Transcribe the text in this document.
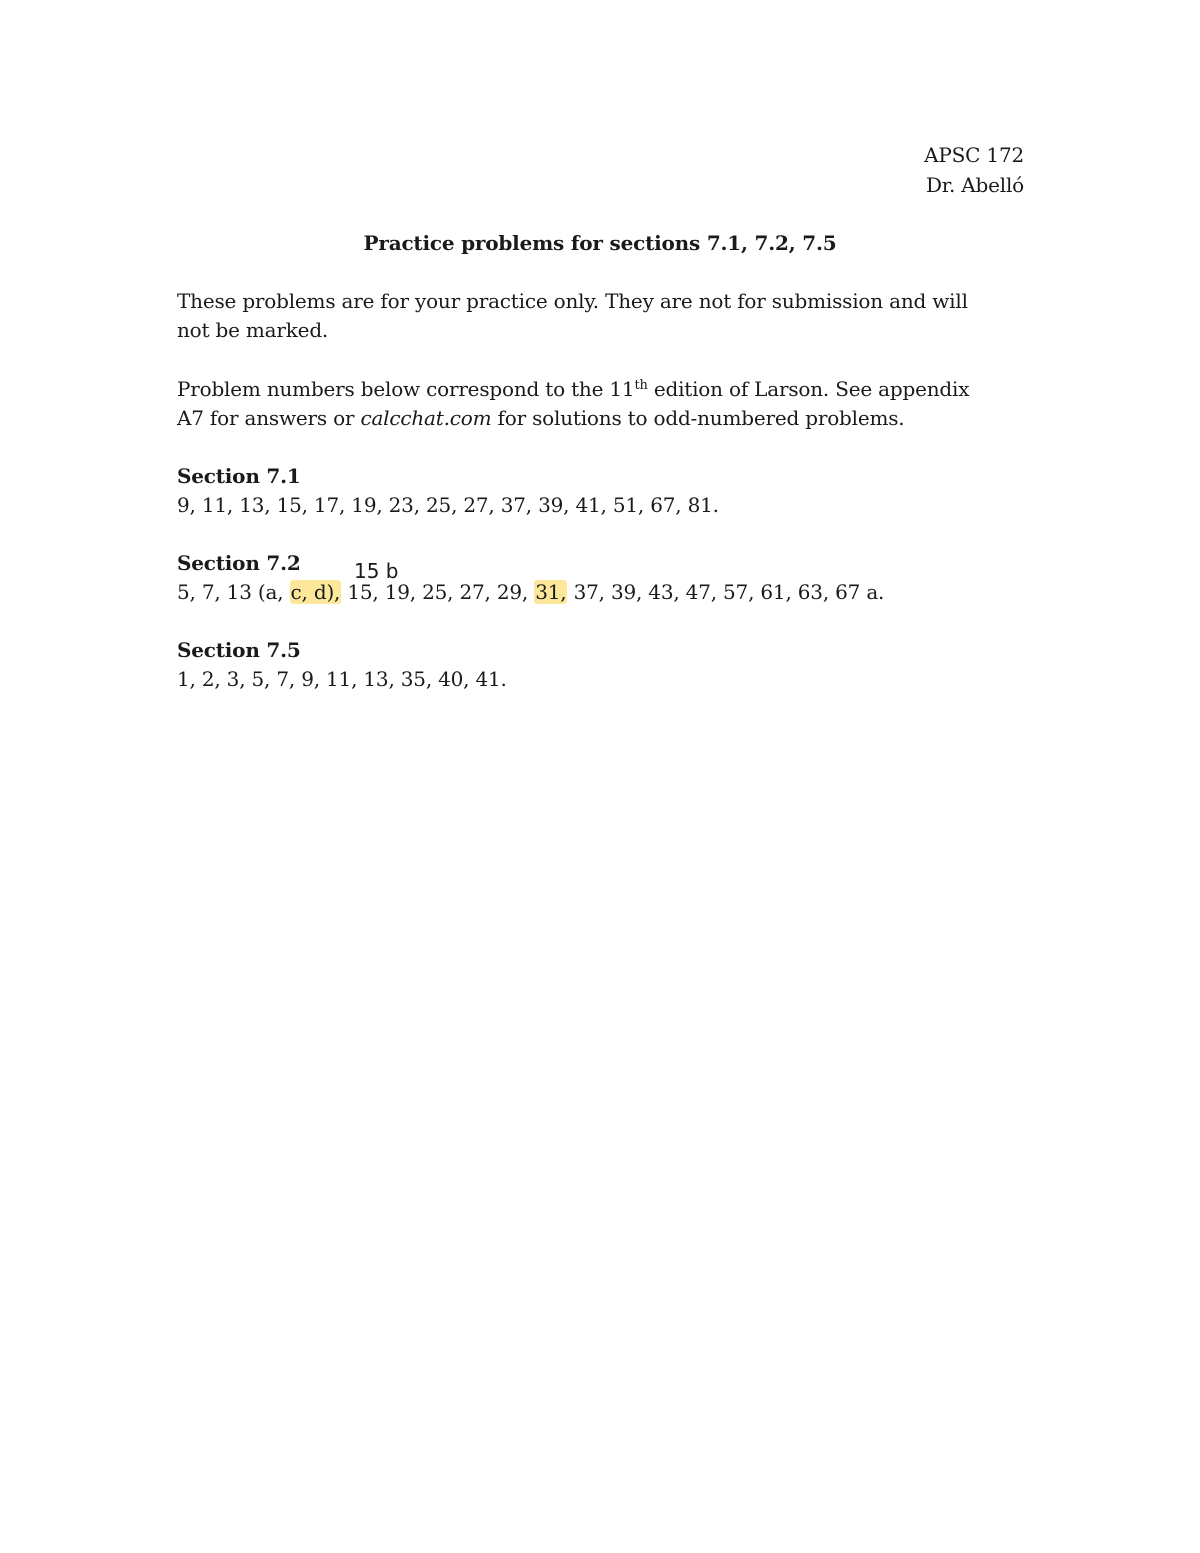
APSC 172
Dr. Abelló
Practice problems for sections 7.1, 7.2, 7.5
These problems are for your practice only. They are not for submission and will
not be marked.
Problem numbers below correspond to the 11th edition of Larson. See appendix
A7 for answers or calcchat.com for solutions to odd-numbered problems.
Section 7.1
9, 11, 13, 15, 17, 19, 23, 25, 27, 37, 39, 41, 51, 67, 81.
Section 7.2	15 b
5, 7, 13 (a, c, d), 15, 19, 25, 27, 29, 31, 37, 39, 43, 47, 57, 61, 63, 67 a.
Section 7.5
1, 2, 3, 5, 7, 9, 11, 13, 35, 40, 41.
